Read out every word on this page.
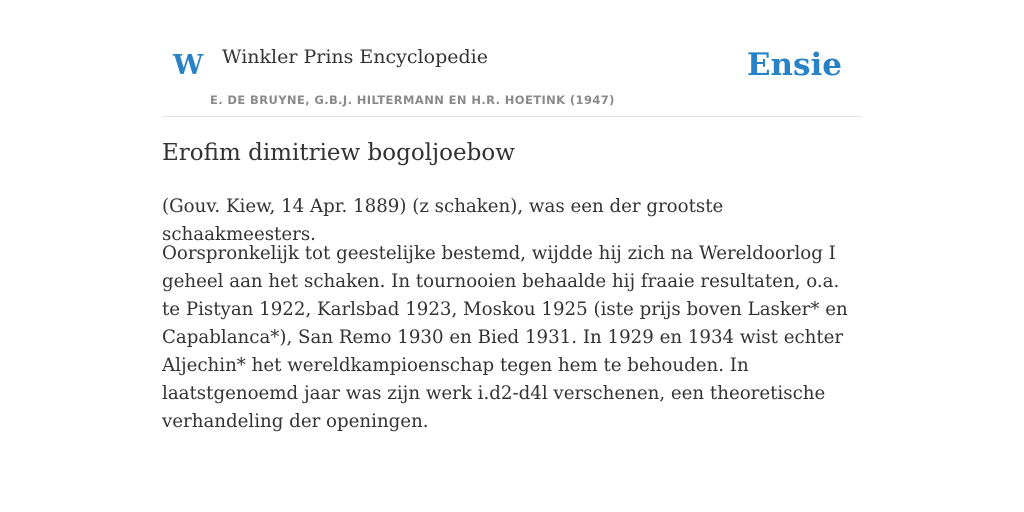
W Winkler Prins Encyclopedie
E. DE BRUYNE, G.B.J. HILTERMANN EN H.R. HOETINK (1947)
Ensie
Erofim dimitriew bogoljoebow

(Gouv. Kiew, 14 Apr. 1889) (z schaken), was een der grootste schaakmeesters.

Oorspronkelijk tot geestelijke bestemd, wijdde hij zich na Wereldoorlog I geheel aan het schaken. In tournooien behaalde hij fraaie resultaten, o.a. te Pistyan 1922, Karlsbad 1923, Moskou 1925 (iste prijs boven Lasker* en Capablanca*), San Remo 1930 en Bied 1931. In 1929 en 1934 wist echter Aljechin* het wereldkampioenschap tegen hem te behouden. In laatstgenoemd jaar was zijn werk i.d2-d4l verschenen, een theoretische verhandeling der openingen.
